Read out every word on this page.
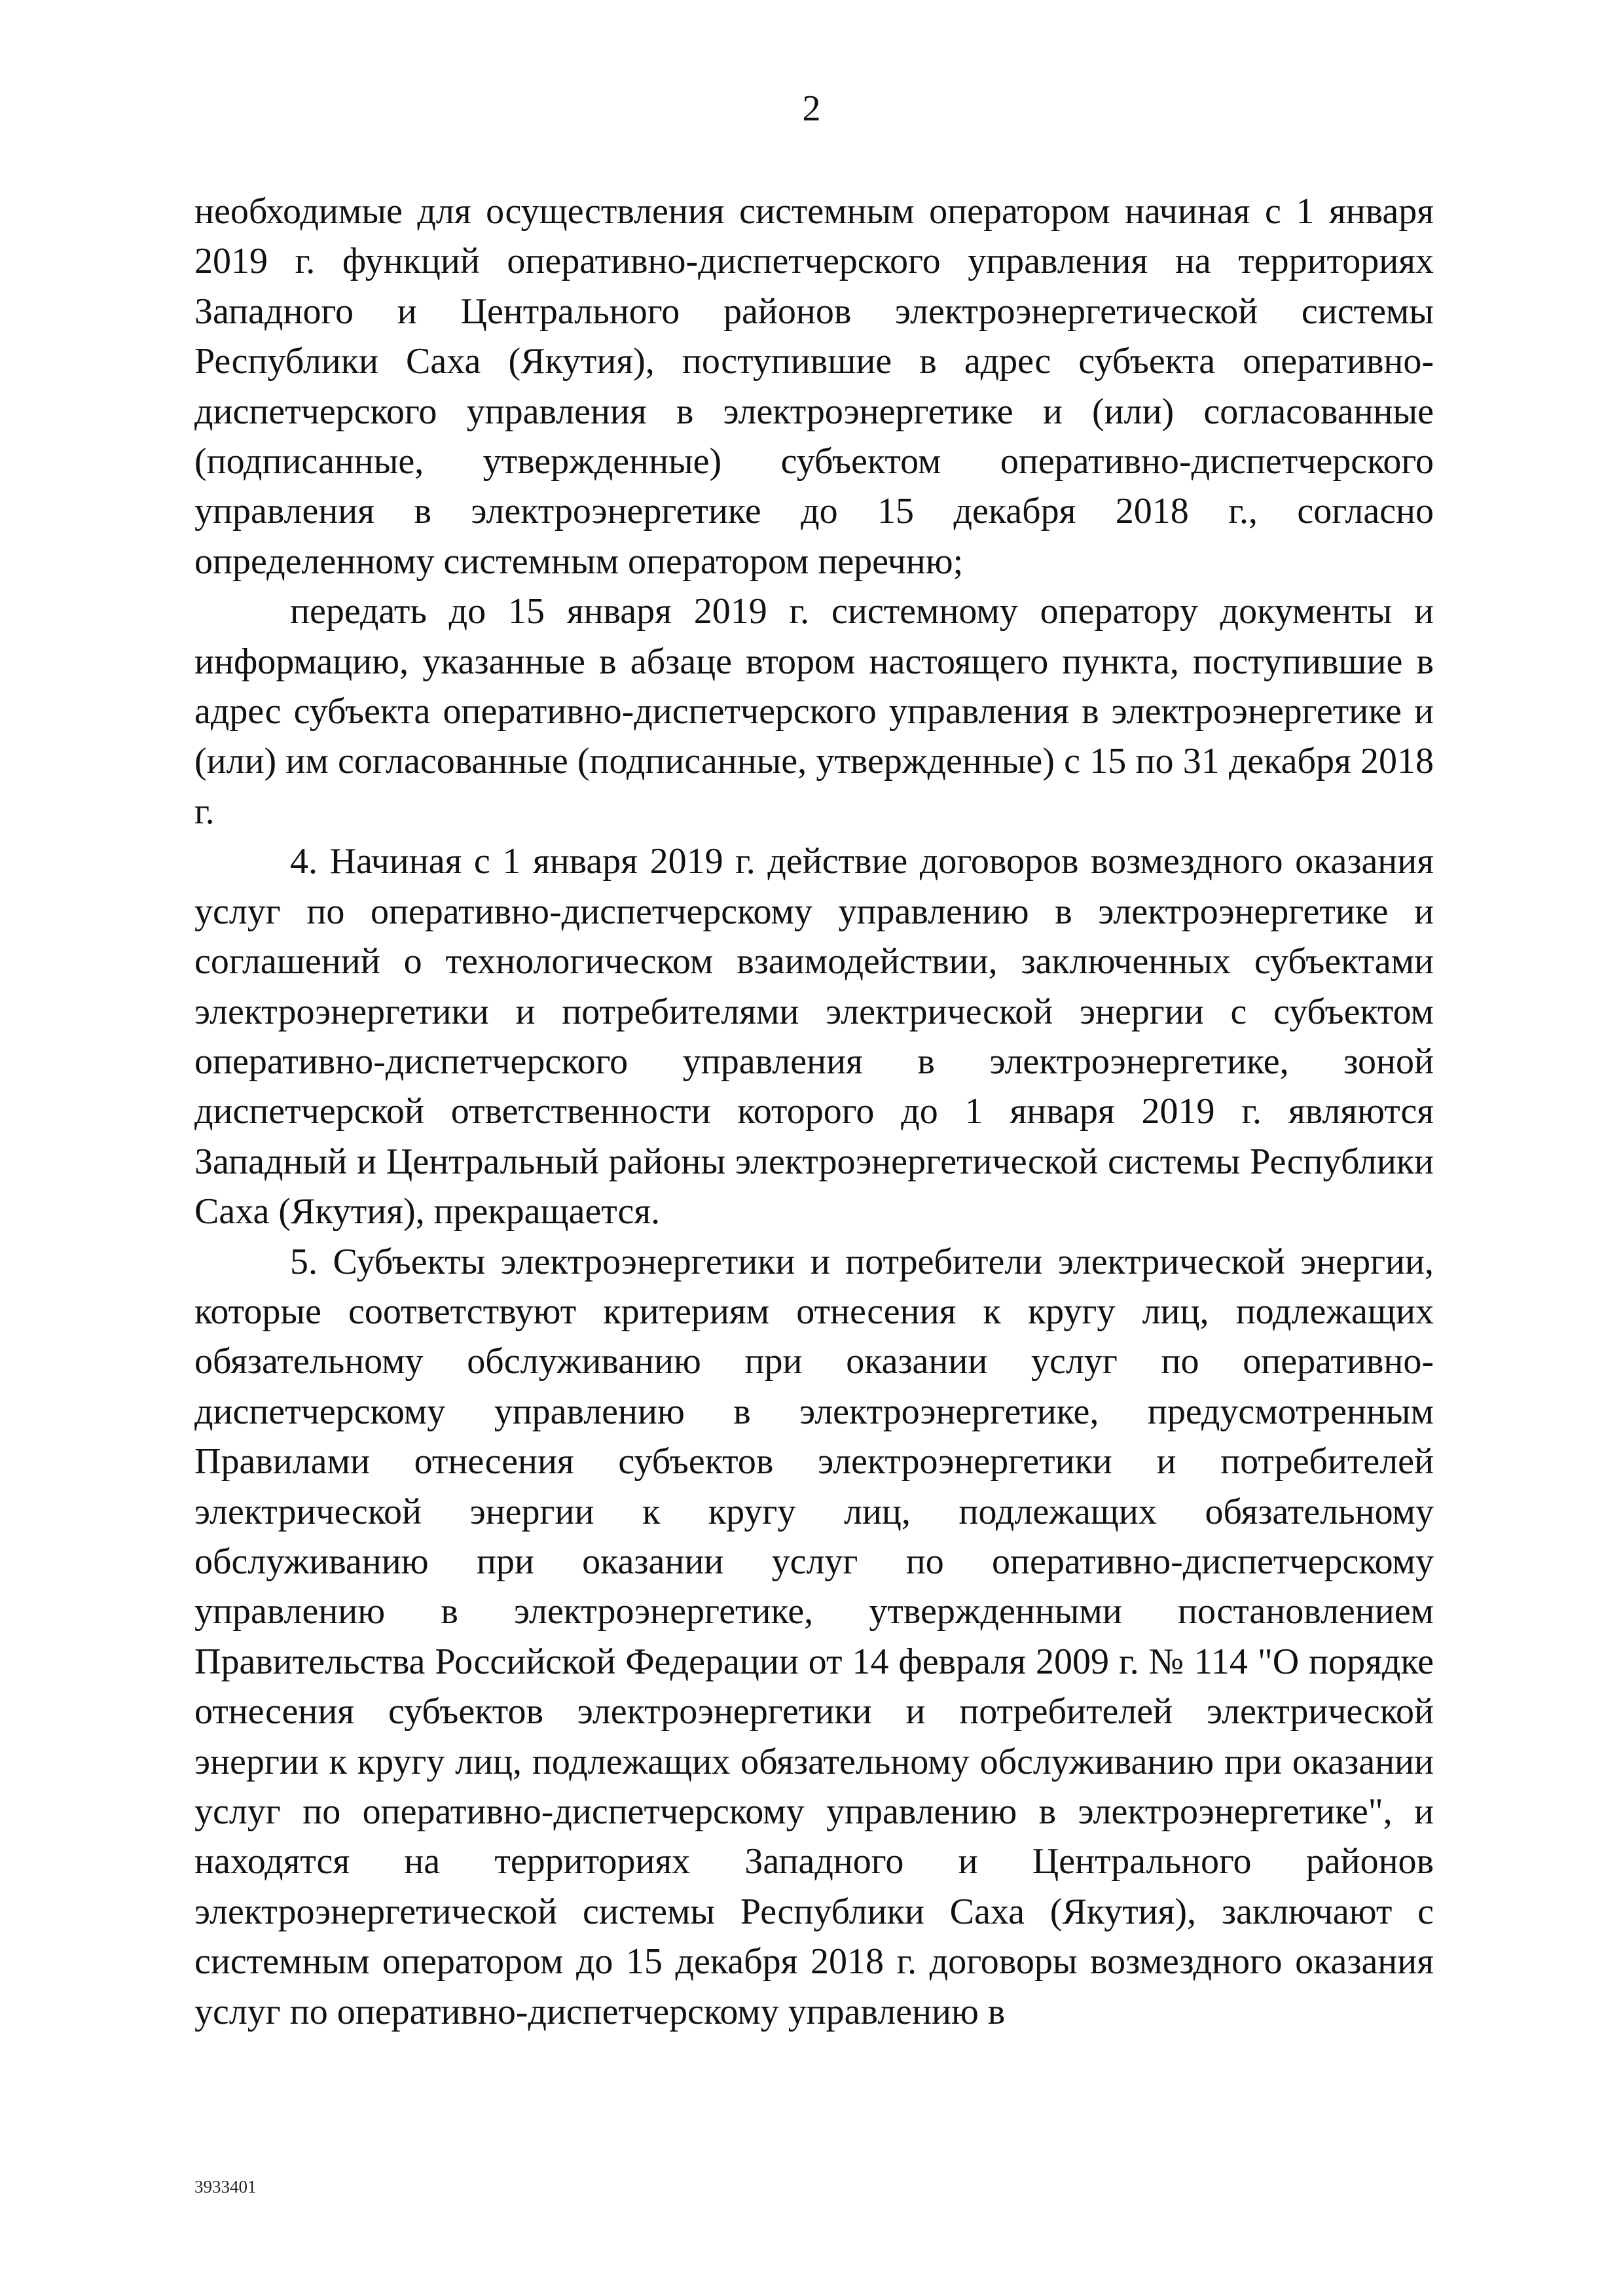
2

необходимые для осуществления системным оператором начиная с 1 января 2019 г. функций оперативно-диспетчерского управления на территориях Западного и Центрального районов электроэнергетической системы Республики Саха (Якутия), поступившие в адрес субъекта оперативно-диспетчерского управления в электроэнергетике и (или) согласованные (подписанные, утвержденные) субъектом оперативно-диспетчерского управления в электроэнергетике до 15 декабря 2018 г., согласно определенному системным оператором перечню;

передать до 15 января 2019 г. системному оператору документы и информацию, указанные в абзаце втором настоящего пункта, поступившие в адрес субъекта оперативно-диспетчерского управления в электроэнергетике и (или) им согласованные (подписанные, утвержденные) с 15 по 31 декабря 2018 г.

4. Начиная с 1 января 2019 г. действие договоров возмездного оказания услуг по оперативно-диспетчерскому управлению в электроэнергетике и соглашений о технологическом взаимодействии, заключенных субъектами электроэнергетики и потребителями электрической энергии с субъектом оперативно-диспетчерского управления в электроэнергетике, зоной диспетчерской ответственности которого до 1 января 2019 г. являются Западный и Центральный районы электроэнергетической системы Республики Саха (Якутия), прекращается.

5. Субъекты электроэнергетики и потребители электрической энергии, которые соответствуют критериям отнесения к кругу лиц, подлежащих обязательному обслуживанию при оказании услуг по оперативно-диспетчерскому управлению в электроэнергетике, предусмотренным Правилами отнесения субъектов электроэнергетики и потребителей электрической энергии к кругу лиц, подлежащих обязательному обслуживанию при оказании услуг по оперативно-диспетчерскому управлению в электроэнергетике, утвержденными постановлением Правительства Российской Федерации от 14 февраля 2009 г. № 114 "О порядке отнесения субъектов электроэнергетики и потребителей электрической энергии к кругу лиц, подлежащих обязательному обслуживанию при оказании услуг по оперативно-диспетчерскому управлению в электроэнергетике", и находятся на территориях Западного и Центрального районов электроэнергетической системы Республики Саха (Якутия), заключают с системным оператором до 15 декабря 2018 г. договоры возмездного оказания услуг по оперативно-диспетчерскому управлению в

3933401
